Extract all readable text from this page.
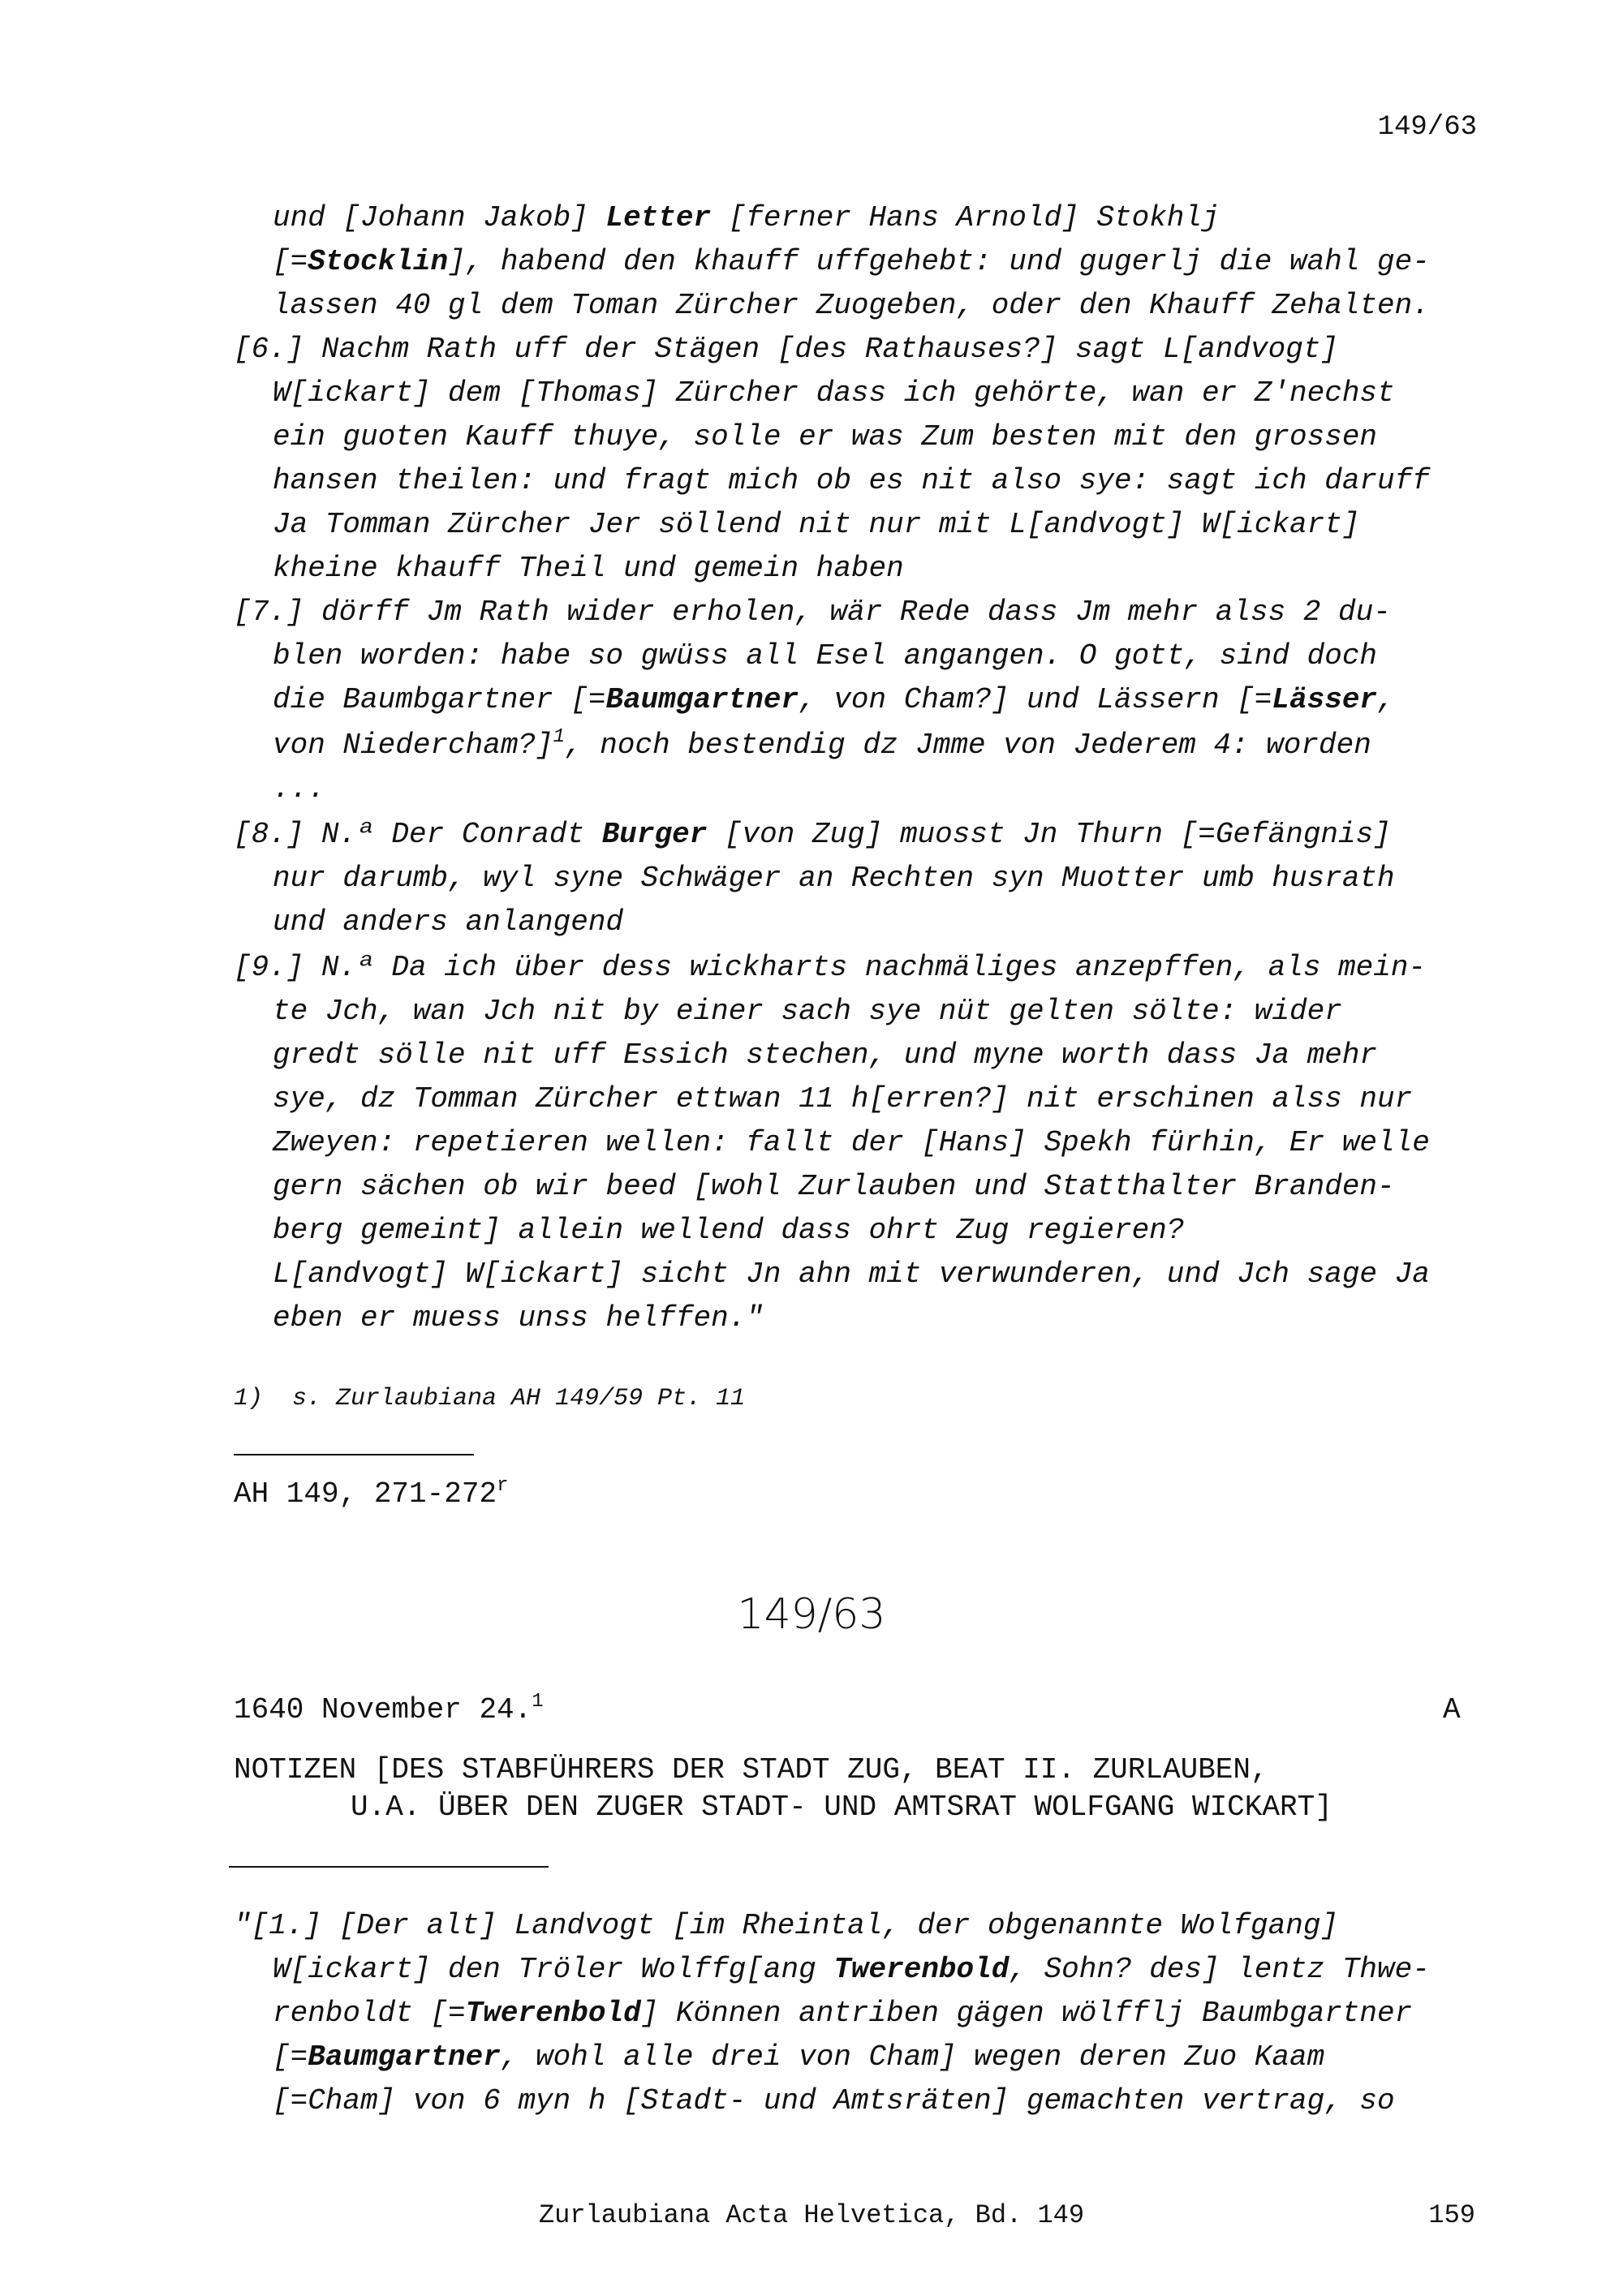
149/63
und [Johann Jakob] Letter [ferner Hans Arnold] Stokhlj
[=Stocklin], habend den khauff uffgehebt: und gugerlj die wahl ge-
lassen 40 gl dem Toman Zürcher Zuogeben, oder den Khauff Zehalten.
[6.] Nachm Rath uff der Stägen [des Rathauses?] sagt L[andvogt]
W[ickart] dem [Thomas] Zürcher dass ich gehörte, wan er Z'nechst
ein guoten Kauff thuye, solle er was Zum besten mit den grossen
hansen theilen: und fragt mich ob es nit also sye: sagt ich daruff
Ja Tomman Zürcher Jer söllend nit nur mit L[andvogt] W[ickart]
kheine khauff Theil und gemein haben
[7.] dörff Jm Rath wider erholen, wär Rede dass Jm mehr alss 2 du-
blen worden: habe so gwüss all Esel angangen. O gott, sind doch
die Baumbgartner [=Baumgartner, von Cham?] und Lässern [=Lässer,
von Niedercham?]$^1$, noch bestendig dz Jmme von Jederem 4: worden
...
[8.] N.ª Der Conradt Burger [von Zug] muosst Jn Thurn [=Gefängnis]
nur darumb, wyl syne Schwäger an Rechten syn Muotter umb husrath
und anders anlangend
[9.] N.ª Da ich über dess wickharts nachmäliges anzepffen, als mein-
te Jch, wan Jch nit by einer sach sye nüt gelten sölte: wider
gredt sölle nit uff Essich stechen, und myne worth dass Ja mehr
sye, dz Tomman Zürcher ettwan 11 h[erren?] nit erschinen alss nur
Zweyen: repetieren wellen: fallt der [Hans] Spekh fürhin, Er welle
gern sächen ob wir beed [wohl Zurlauben und Statthalter Branden-
berg gemeint] allein wellend dass ohrt Zug regieren?
L[andvogt] W[ickart] sicht Jn ahn mit verwunderen, und Jch sage Ja
eben er muess unss helffen."
1)  s. Zurlaubiana AH 149/59 Pt. 11
AH 149, 271-272$^r$
149/63
1640 November 24.$^1$	A
NOTIZEN [DES STABFÜHRERS DER STADT ZUG, BEAT II. ZURLAUBEN,
U.A. ÜBER DEN ZUGER STADT- UND AMTSRAT WOLFGANG WICKART]
"[1.] [Der alt] Landvogt [im Rheintal, der obgenannte Wolfgang]
W[ickart] den Tröler Wolffg[ang Twerenbold, Sohn? des] lentz Thwe-
renboldt [=Twerenbold] Können antriben gägen wölfflj Baumbgartner
[=Baumgartner, wohl alle drei von Cham] wegen deren Zuo Kaam
[=Cham] von 6 myn h [Stadt- und Amtsräten] gemachten vertrag, so
Zurlaubiana Acta Helvetica, Bd. 149	159
